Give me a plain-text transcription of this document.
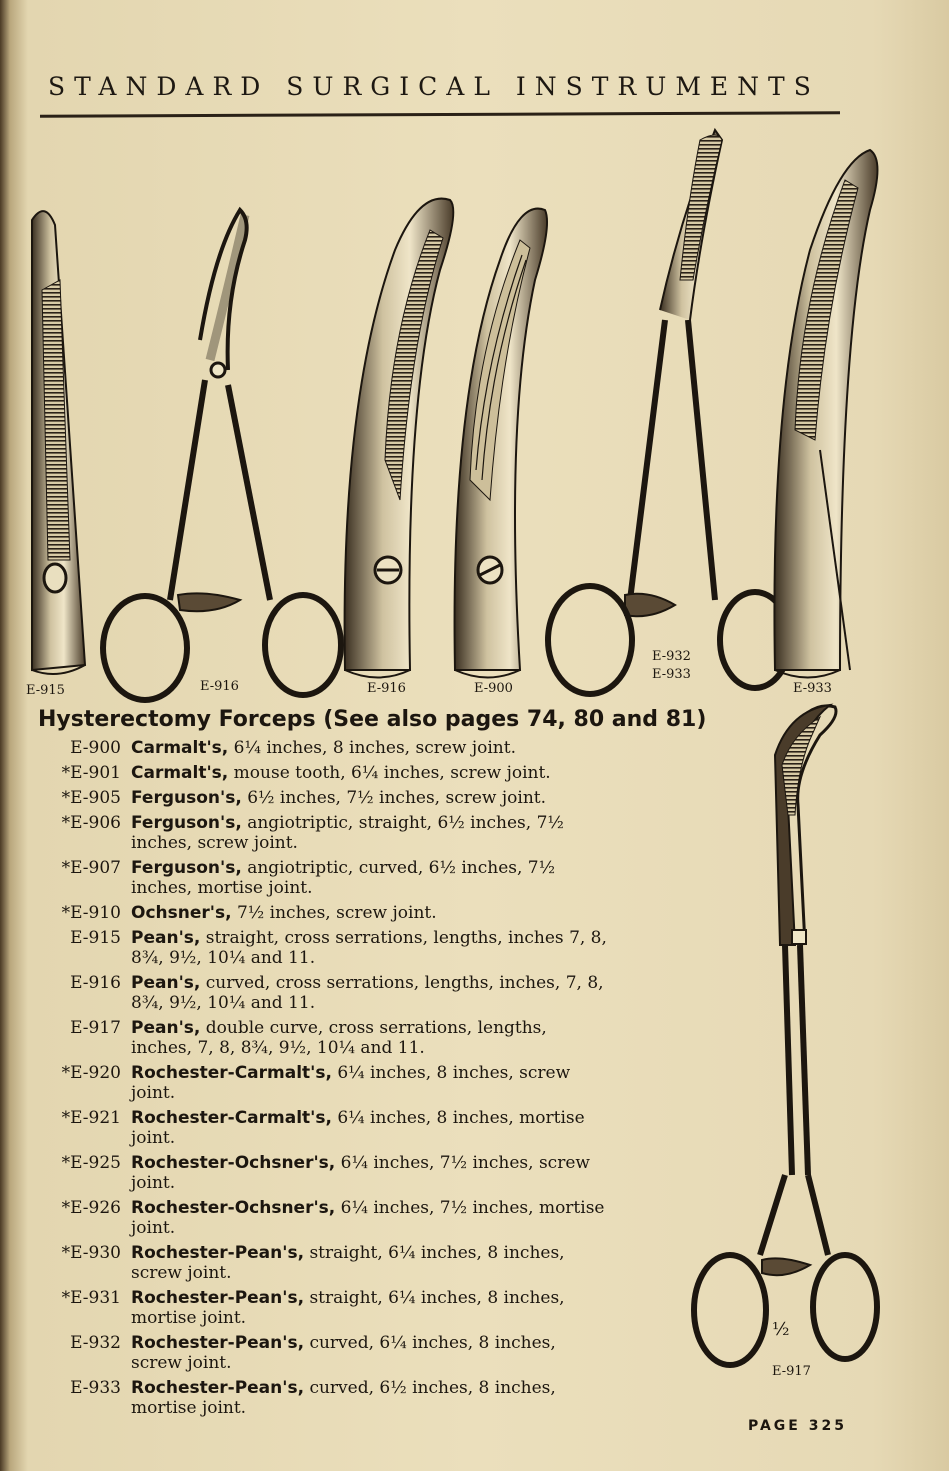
STANDARD SURGICAL INSTRUMENTS
E-915	E-916	E-916	E-900
E-932
E-933
E-933
Hysterectomy Forceps (See also pages 74, 80 and 81)
E-900 Carmalt's, 6¼ inches, 8 inches, screw joint.
*E-901 Carmalt's, mouse tooth, 6¼ inches, screw joint.
*E-905 Ferguson's, 6½ inches, 7½ inches, screw joint.
*E-906 Ferguson's, angiotriptic, straight, 6½ inches, 7½ inches, screw joint.
*E-907 Ferguson's, angiotriptic, curved, 6½ inches, 7½ inches, mortise joint.
*E-910 Ochsner's, 7½ inches, screw joint.
E-915 Pean's, straight, cross serrations, lengths, inches 7, 8, 8¾, 9½, 10¼ and 11.
E-916 Pean's, curved, cross serrations, lengths, inches, 7, 8, 8¾, 9½, 10¼ and 11.
E-917 Pean's, double curve, cross serrations, lengths, inches, 7, 8, 8¾, 9½, 10¼ and 11.
*E-920 Rochester-Carmalt's, 6¼ inches, 8 inches, screw joint.
*E-921 Rochester-Carmalt's, 6¼ inches, 8 inches, mortise joint.
*E-925 Rochester-Ochsner's, 6¼ inches, 7½ inches, screw joint.
*E-926 Rochester-Ochsner's, 6¼ inches, 7½ inches, mortise joint.
*E-930 Rochester-Pean's, straight, 6¼ inches, 8 inches, screw joint.
*E-931 Rochester-Pean's, straight, 6¼ inches, 8 inches, mortise joint.
E-932 Rochester-Pean's, curved, 6¼ inches, 8 inches, screw joint.
E-933 Rochester-Pean's, curved, 6½ inches, 8 inches, mortise joint.
½
E-917
PAGE 325
